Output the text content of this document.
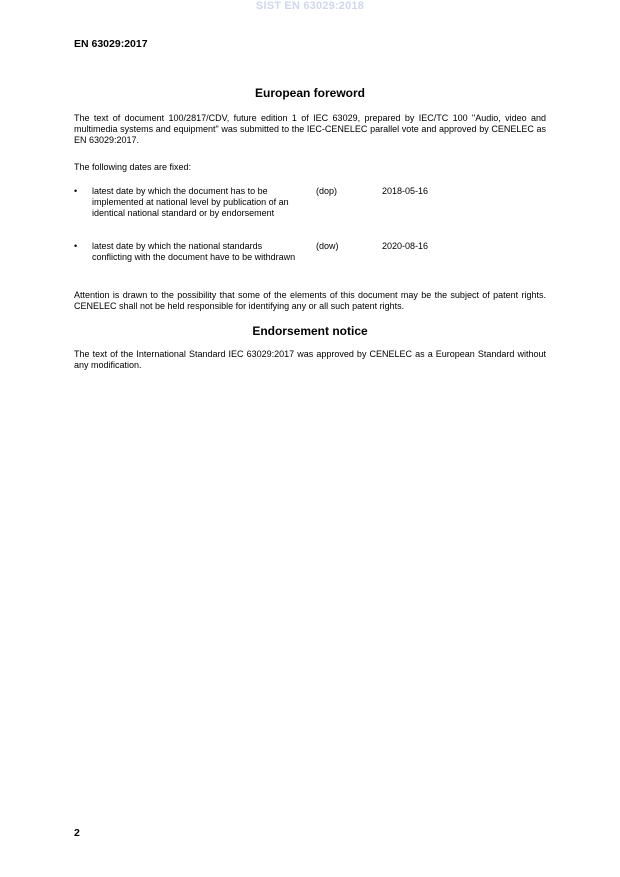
SIST EN 63029:2018
EN 63029:2017
European foreword
The text of document 100/2817/CDV, future edition 1 of IEC 63029, prepared by IEC/TC 100 "Audio, video and multimedia systems and equipment" was submitted to the IEC-CENELEC parallel vote and approved by CENELEC as EN 63029:2017.
The following dates are fixed:
• latest date by which the document has to be implemented at national level by publication of an identical national standard or by endorsement
(dop)	2018-05-16
• latest date by which the national standards conflicting with the document have to be withdrawn
(dow)	2020-08-16
Attention is drawn to the possibility that some of the elements of this document may be the subject of patent rights. CENELEC shall not be held responsible for identifying any or all such patent rights.
Endorsement notice
The text of the International Standard IEC 63029:2017 was approved by CENELEC as a European Standard without any modification.
2
